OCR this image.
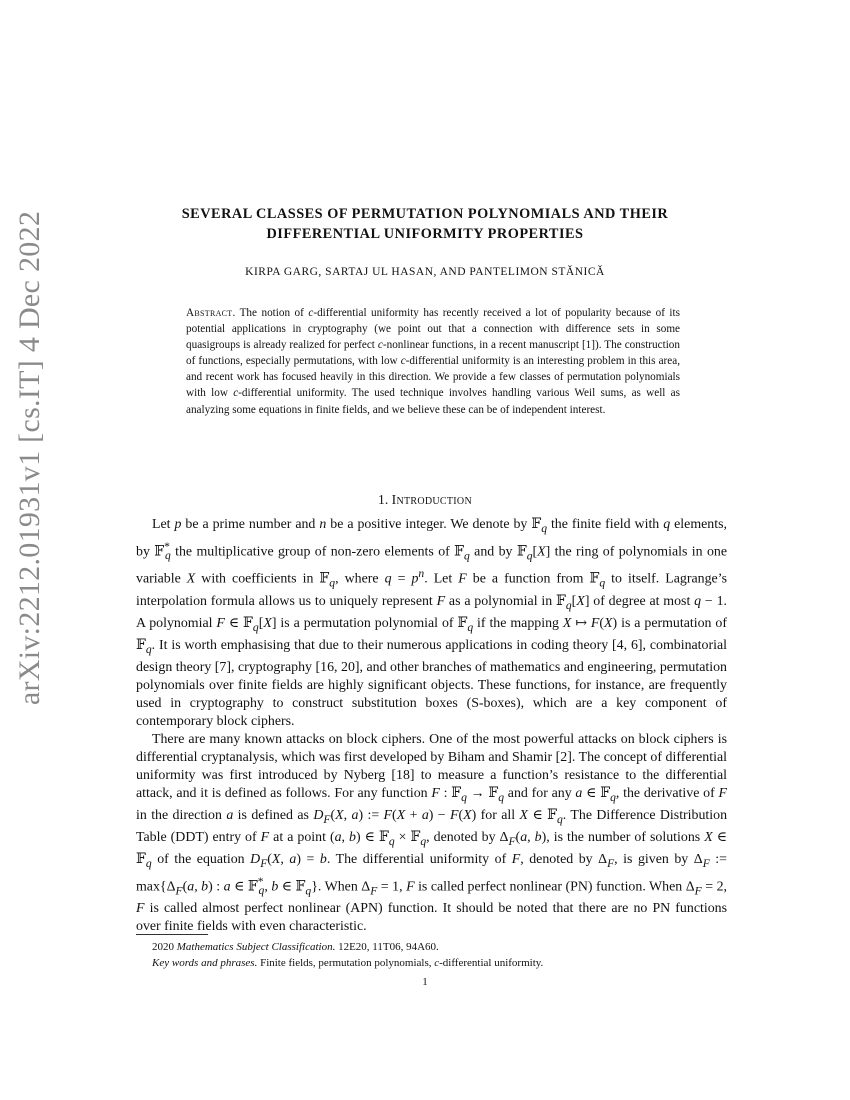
arXiv:2212.01931v1 [cs.IT] 4 Dec 2022	SEVERAL CLASSES OF PERMUTATION POLYNOMIALS AND THEIR
DIFFERENTIAL UNIFORMITY PROPERTIES
KIRPA GARG, SARTAJ UL HASAN, AND PANTELIMON STĂNICĂ
Abstract. The notion of c-differential uniformity has recently received a lot of popularity because of its potential applications in cryptography (we point out that a connection with difference sets in some quasigroups is already realized for perfect c-nonlinear functions, in a recent manuscript [1]). The construction of functions, especially permutations, with low c-differential uniformity is an interesting problem in this area, and recent work has focused heavily in this direction. We provide a few classes of permutation polynomials with low c-differential uniformity. The used technique involves handling various Weil sums, as well as analyzing some equations in finite fields, and we believe these can be of independent interest.
1. Introduction

Let p be a prime number and n be a positive integer. We denote by 𝔽$_q$ the finite field with q elements, by 𝔽*$_q$ the multiplicative group of non-zero elements of 𝔽$_q$ and by 𝔽$_q$[X] the ring of polynomials in one variable X with coefficients in 𝔽$_q$, where $q = p^n$. Let F be a function from 𝔽$_q$ to itself. Lagrange’s interpolation formula allows us to uniquely represent F as a polynomial in 𝔽$_q$[X] of degree at most q − 1. A polynomial F ∈ 𝔽$_q$[X] is a permutation polynomial of 𝔽$_q$ if the mapping X ↦ F(X) is a permutation of 𝔽$_q$. It is worth emphasising that due to their numerous applications in coding theory [4, 6], combinatorial design theory [7], cryptography [16, 20], and other branches of mathematics and engineering, permutation polynomials over finite fields are highly significant objects. These functions, for instance, are frequently used in cryptography to construct substitution boxes (S-boxes), which are a key component of contemporary block ciphers.

There are many known attacks on block ciphers. One of the most powerful attacks on block ciphers is differential cryptanalysis, which was first developed by Biham and Shamir [2]. The concept of differential uniformity was first introduced by Nyberg [18] to measure a function’s resistance to the differential attack, and it is defined as follows. For any function F : 𝔽$_q$ → 𝔽$_q$ and for any a ∈ 𝔽$_q$, the derivative of F in the direction a is defined as $D_F(X$, a) := F(X + a) − F(X) for all X ∈ 𝔽$_q$. The Difference Distribution Table (DDT) entry of F at a point (a, b) ∈ 𝔽$_q$ × 𝔽$_q$, denoted by $\Delta_F(a$, b), is the number of solutions X ∈ 𝔽$_q$ of the equation $D_F(X$, a) = b. The differential uniformity of F, denoted by $\Delta_F$, is given by $\Delta_F$ := $\max\{\Delta_F(a$, b) : a ∈ 𝔽*$_q$, b ∈ 𝔽$_q$}. When $\Delta_F = 1$, F is called perfect nonlinear (PN) function. When $\Delta_F = 2$, F is called almost perfect nonlinear (APN) function. It should be noted that there are no PN functions over finite fields with even characteristic.

2020 Mathematics Subject Classification. 12E20, 11T06, 94A60.
Key words and phrases. Finite fields, permutation polynomials, c-differential uniformity.
1
